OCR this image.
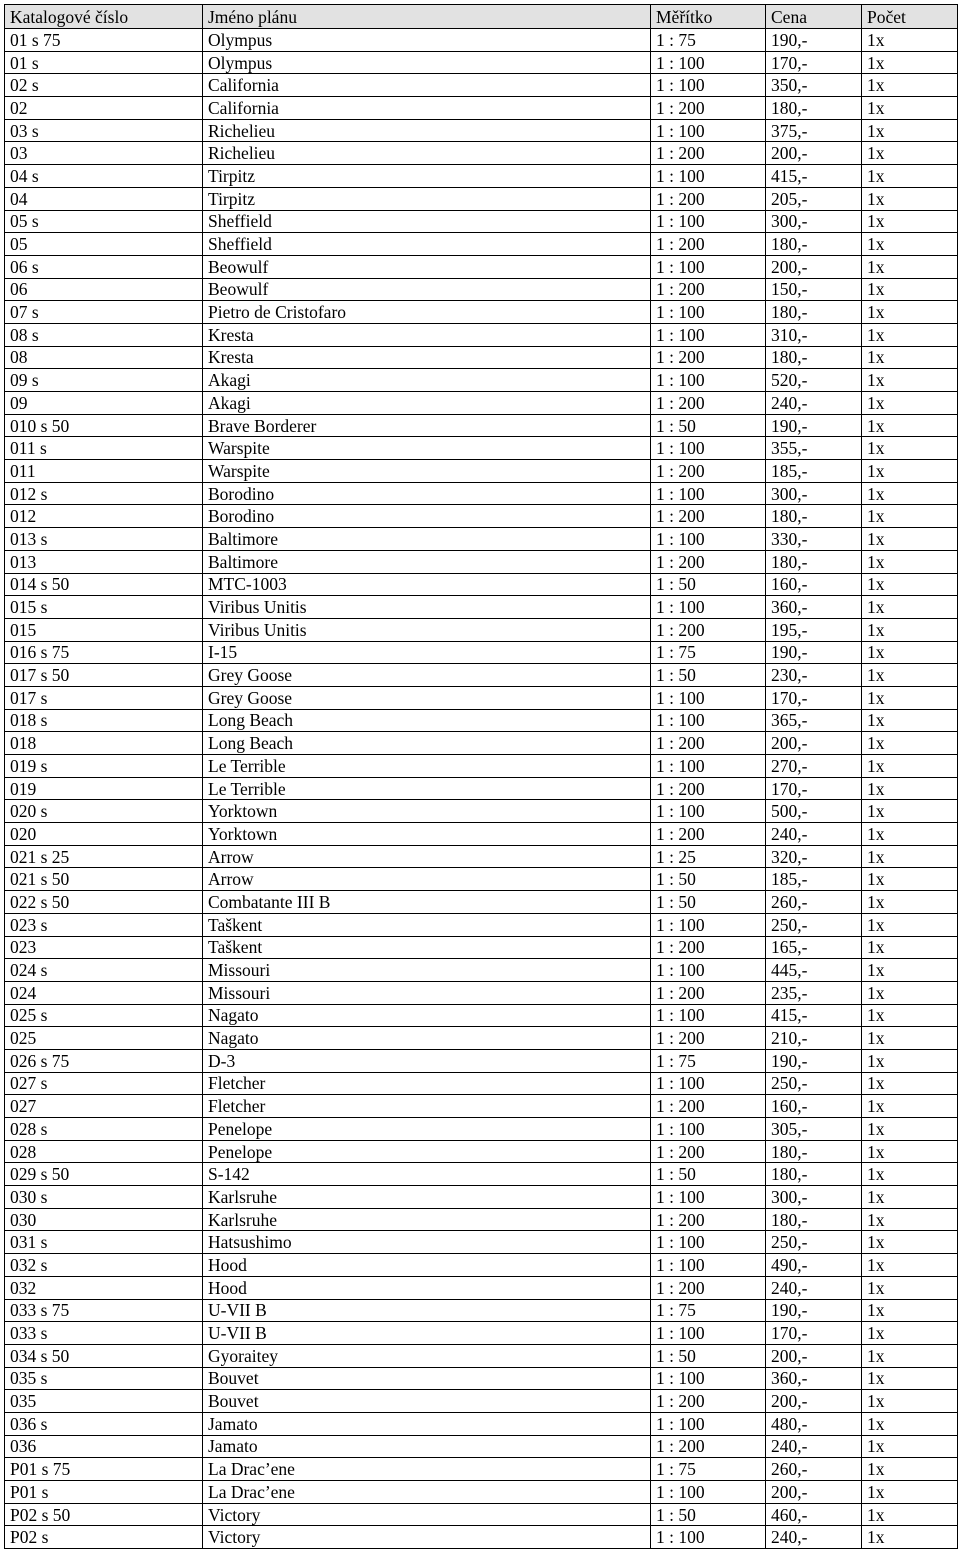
Katalogové číslo	Jméno plánu	Měřítko	Cena	Počet
01 s 75	Olympus	1 : 75	190,-	1x
01 s	Olympus	1 : 100	170,-	1x
02 s	California	1 : 100	350,-	1x
02	California	1 : 200	180,-	1x
03 s	Richelieu	1 : 100	375,-	1x
03	Richelieu	1 : 200	200,-	1x
04 s	Tirpitz	1 : 100	415,-	1x
04	Tirpitz	1 : 200	205,-	1x
05 s	Sheffield	1 : 100	300,-	1x
05	Sheffield	1 : 200	180,-	1x
06 s	Beowulf	1 : 100	200,-	1x
06	Beowulf	1 : 200	150,-	1x
07 s	Pietro de Cristofaro	1 : 100	180,-	1x
08 s	Kresta	1 : 100	310,-	1x
08	Kresta	1 : 200	180,-	1x
09 s	Akagi	1 : 100	520,-	1x
09	Akagi	1 : 200	240,-	1x
010 s 50	Brave Borderer	1 : 50	190,-	1x
011 s	Warspite	1 : 100	355,-	1x
011	Warspite	1 : 200	185,-	1x
012 s	Borodino	1 : 100	300,-	1x
012	Borodino	1 : 200	180,-	1x
013 s	Baltimore	1 : 100	330,-	1x
013	Baltimore	1 : 200	180,-	1x
014 s 50	MTC-1003	1 : 50	160,-	1x
015 s	Viribus Unitis	1 : 100	360,-	1x
015	Viribus Unitis	1 : 200	195,-	1x
016 s 75	I-15	1 : 75	190,-	1x
017 s 50	Grey Goose	1 : 50	230,-	1x
017 s	Grey Goose	1 : 100	170,-	1x
018 s	Long Beach	1 : 100	365,-	1x
018	Long Beach	1 : 200	200,-	1x
019 s	Le Terrible	1 : 100	270,-	1x
019	Le Terrible	1 : 200	170,-	1x
020 s	Yorktown	1 : 100	500,-	1x
020	Yorktown	1 : 200	240,-	1x
021 s 25	Arrow	1 : 25	320,-	1x
021 s 50	Arrow	1 : 50	185,-	1x
022 s 50	Combatante III B	1 : 50	260,-	1x
023 s	Taškent	1 : 100	250,-	1x
023	Taškent	1 : 200	165,-	1x
024 s	Missouri	1 : 100	445,-	1x
024	Missouri	1 : 200	235,-	1x
025 s	Nagato	1 : 100	415,-	1x
025	Nagato	1 : 200	210,-	1x
026 s 75	D-3	1 : 75	190,-	1x
027 s	Fletcher	1 : 100	250,-	1x
027	Fletcher	1 : 200	160,-	1x
028 s	Penelope	1 : 100	305,-	1x
028	Penelope	1 : 200	180,-	1x
029 s 50	S-142	1 : 50	180,-	1x
030 s	Karlsruhe	1 : 100	300,-	1x
030	Karlsruhe	1 : 200	180,-	1x
031 s	Hatsushimo	1 : 100	250,-	1x
032 s	Hood	1 : 100	490,-	1x
032	Hood	1 : 200	240,-	1x
033 s 75	U-VII B	1 : 75	190,-	1x
033 s	U-VII B	1 : 100	170,-	1x
034 s 50	Gyoraitey	1 : 50	200,-	1x
035 s	Bouvet	1 : 100	360,-	1x
035	Bouvet	1 : 200	200,-	1x
036 s	Jamato	1 : 100	480,-	1x
036	Jamato	1 : 200	240,-	1x
P01 s 75	La Drac’ene	1 : 75	260,-	1x
P01 s	La Drac’ene	1 : 100	200,-	1x
P02 s 50	Victory	1 : 50	460,-	1x
P02 s	Victory	1 : 100	240,-	1x
